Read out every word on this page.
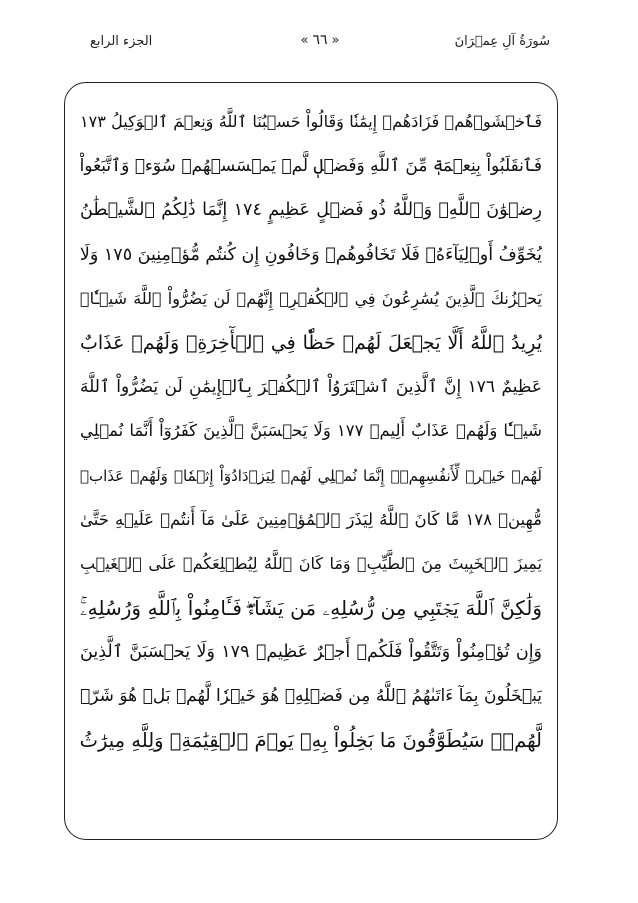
الجزء الرابع	« ٦٦ »	سُورَةُ آلِ عِمۡرَانَ
فَٱخۡشَوۡهُمۡ فَزَادَهُمۡ إِيمَٰنٗا وَقَالُواْ حَسۡبُنَا ٱللَّهُ وَنِعۡمَ ٱلۡوَكِيلُ ١٧٣
فَٱنقَلَبُواْ بِنِعۡمَةٖ مِّنَ ٱللَّهِ وَفَضۡلٖ لَّمۡ يَمۡسَسۡهُمۡ سُوٓءٞ وَٱتَّبَعُواْ
رِضۡوَٰنَ ٱللَّهِۗ وَٱللَّهُ ذُو فَضۡلٍ عَظِيمٍ ١٧٤ إِنَّمَا ذَٰلِكُمُ ٱلشَّيۡطَٰنُ
يُخَوِّفُ أَوۡلِيَآءَهُۥ فَلَا تَخَافُوهُمۡ وَخَافُونِ إِن كُنتُم مُّؤۡمِنِينَ ١٧٥ وَلَا
يَحۡزُنكَ ٱلَّذِينَ يُسَٰرِعُونَ فِي ٱلۡكُفۡرِۚ إِنَّهُمۡ لَن يَضُرُّواْ ٱللَّهَ شَيۡـٔٗاۗ
يُرِيدُ ٱللَّهُ أَلَّا يَجۡعَلَ لَهُمۡ حَظّٗا فِي ٱلۡأٓخِرَةِۖ وَلَهُمۡ عَذَابٌ
عَظِيمٌ ١٧٦ إِنَّ ٱلَّذِينَ ٱشۡتَرَوُاْ ٱلۡكُفۡرَ بِٱلۡإِيمَٰنِ لَن يَضُرُّواْ ٱللَّهَ
شَيۡـٔٗا وَلَهُمۡ عَذَابٌ أَلِيمٞ ١٧٧ وَلَا يَحۡسَبَنَّ ٱلَّذِينَ كَفَرُوٓاْ أَنَّمَا نُمۡلِي
لَهُمۡ خَيۡرٞ لِّأَنفُسِهِمۡۚ إِنَّمَا نُمۡلِي لَهُمۡ لِيَزۡدَادُوٓاْ إِثۡمٗاۖ وَلَهُمۡ عَذَابٞ
مُّهِينٞ ١٧٨ مَّا كَانَ ٱللَّهُ لِيَذَرَ ٱلۡمُؤۡمِنِينَ عَلَىٰ مَآ أَنتُمۡ عَلَيۡهِ حَتَّىٰ
يَمِيزَ ٱلۡخَبِيثَ مِنَ ٱلطَّيِّبِۗ وَمَا كَانَ ٱللَّهُ لِيُطۡلِعَكُمۡ عَلَى ٱلۡغَيۡبِ
وَلَٰكِنَّ ٱللَّهَ يَجۡتَبِي مِن رُّسُلِهِۦ مَن يَشَآءُۖ فَـَٔامِنُواْ بِٱللَّهِ وَرُسُلِهِۦۚ
وَإِن تُؤۡمِنُواْ وَتَتَّقُواْ فَلَكُمۡ أَجۡرٌ عَظِيمٞ ١٧٩ وَلَا يَحۡسَبَنَّ ٱلَّذِينَ
يَبۡخَلُونَ بِمَآ ءَاتَىٰهُمُ ٱللَّهُ مِن فَضۡلِهِۦ هُوَ خَيۡرٗا لَّهُمۖ بَلۡ هُوَ شَرّٞ
لَّهُمۡۖ سَيُطَوَّقُونَ مَا بَخِلُواْ بِهِۦ يَوۡمَ ٱلۡقِيَٰمَةِۗ وَلِلَّهِ مِيرَٰثُ
